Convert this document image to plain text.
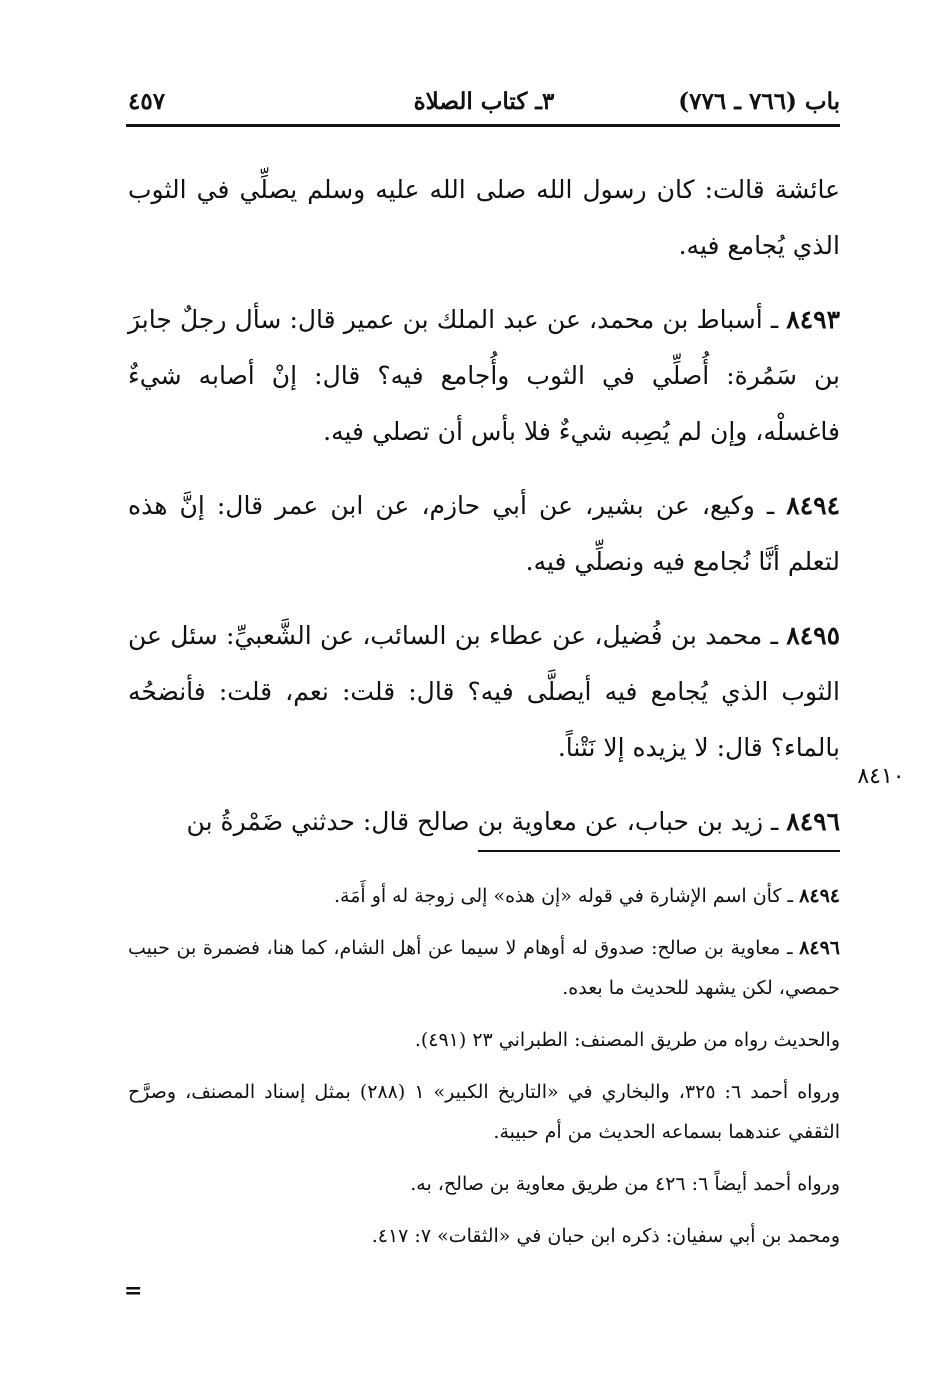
باب (٧٦٦ ـ ٧٧٦)
٣ـ كتاب الصلاة
٤٥٧

عائشة قالت: كان رسول الله صلى الله عليه وسلم يصلِّي في الثوب الذي يُجامع فيه.

٨٤٩٣ ـ أسباط بن محمد، عن عبد الملك بن عمير قال: سأل رجلٌ جابرَ بن سَمُرة: أُصلِّي في الثوب وأُجامع فيه؟ قال: إنْ أصابه شيءٌ فاغسلْه، وإن لم يُصِبه شيءٌ فلا بأس أن تصلي فيه.

٨٤٩٤ ـ وكيع، عن بشير، عن أبي حازم، عن ابن عمر قال: إنَّ هذه لتعلم أنَّا نُجامع فيه ونصلِّي فيه.

٨٤٩٥ ـ محمد بن فُضيل، عن عطاء بن السائب، عن الشَّعبيِّ: سئل عن الثوب الذي يُجامع فيه أيصلَّى فيه؟ قال: قلت: نعم، قلت: فأنضحُه بالماء؟ قال: لا يزيده إلا نَتْناً.

٨٤٩٦ ـ زيد بن حباب، عن معاوية بن صالح قال: حدثني ضَمْرةُ بن

٨٤١٠

٨٤٩٤ ـ كأن اسم الإشارة في قوله «إن هذه» إلى زوجة له أو أَمَة.

٨٤٩٦ ـ معاوية بن صالح: صدوق له أوهام لا سيما عن أهل الشام، كما هنا، فضمرة بن حبيب حمصي، لكن يشهد للحديث ما بعده.

والحديث رواه من طريق المصنف: الطبراني ٢٣ (٤٩١).

ورواه أحمد ٦: ٣٢٥، والبخاري في «التاريخ الكبير» ١ (٢٨٨) بمثل إسناد المصنف، وصرَّح الثقفي عندهما بسماعه الحديث من أم حبيبة.

ورواه أحمد أيضاً ٦: ٤٢٦ من طريق معاوية بن صالح، به.

ومحمد بن أبي سفيان: ذكره ابن حبان في «الثقات» ٧: ٤١٧.

=
